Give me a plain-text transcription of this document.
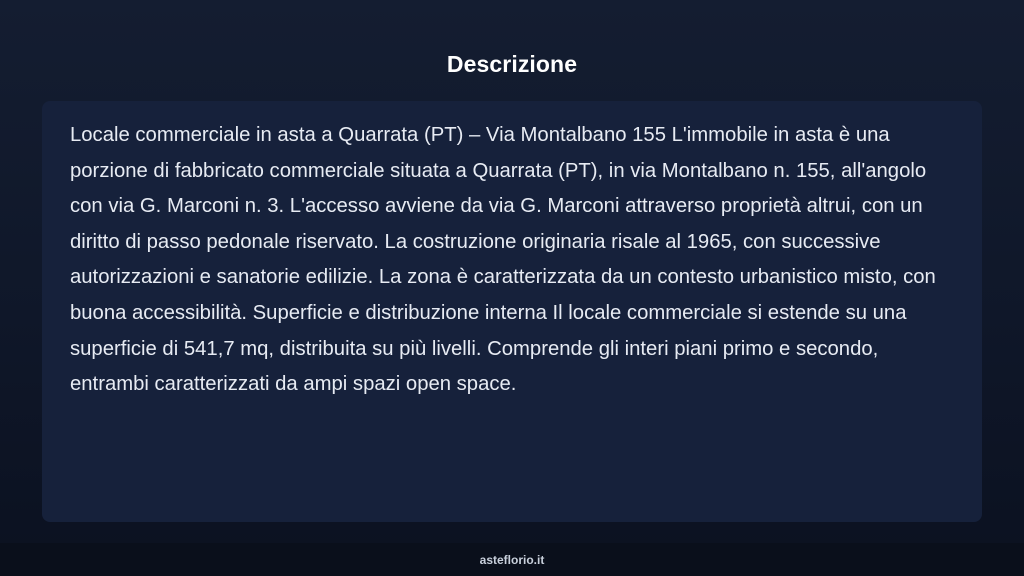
Descrizione

Locale commerciale in asta a Quarrata (PT) – Via Montalbano 155 L'immobile in asta è una porzione di fabbricato commerciale situata a Quarrata (PT), in via Montalbano n. 155, all'angolo con via G. Marconi n. 3. L'accesso avviene da via G. Marconi attraverso proprietà altrui, con un diritto di passo pedonale riservato. La costruzione originaria risale al 1965, con successive autorizzazioni e sanatorie edilizie. La zona è caratterizzata da un contesto urbanistico misto, con buona accessibilità. Superficie e distribuzione interna Il locale commerciale si estende su una superficie di 541,7 mq, distribuita su più livelli. Comprende gli interi piani primo e secondo, entrambi caratterizzati da ampi spazi open space.

asteflorio.it
